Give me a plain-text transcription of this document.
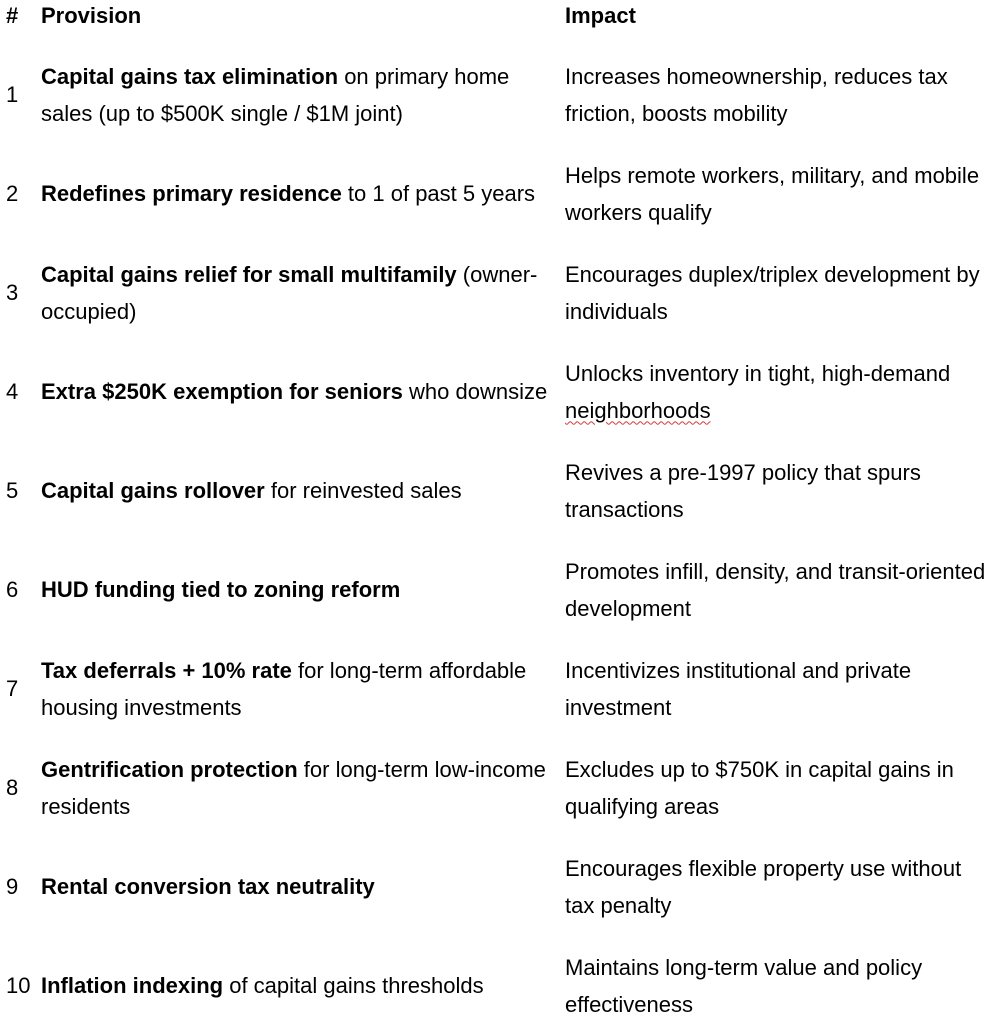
# Provision	Impact
1
Capital gains tax elimination on primary home sales (up to $500K single / $1M joint)
Increases homeownership, reduces tax friction, boosts mobility
2 Redefines primary residence to 1 of past 5 years
Helps remote workers, military, and mobile workers qualify
3
Capital gains relief for small multifamily (owner-occupied)
Encourages duplex/triplex development by individuals
4 Extra $250K exemption for seniors who downsize
Unlocks inventory in tight, high-demand neighborhoods
5 Capital gains rollover for reinvested sales
Revives a pre-1997 policy that spurs transactions
6 HUD funding tied to zoning reform
Promotes infill, density, and transit-oriented development
7
Tax deferrals + 10% rate for long-term affordable housing investments
Incentivizes institutional and private investment
8
Gentrification protection for long-term low-income residents
Excludes up to $750K in capital gains in qualifying areas
9 Rental conversion tax neutrality
Encourages flexible property use without tax penalty
10 Inflation indexing of capital gains thresholds
Maintains long-term value and policy effectiveness
